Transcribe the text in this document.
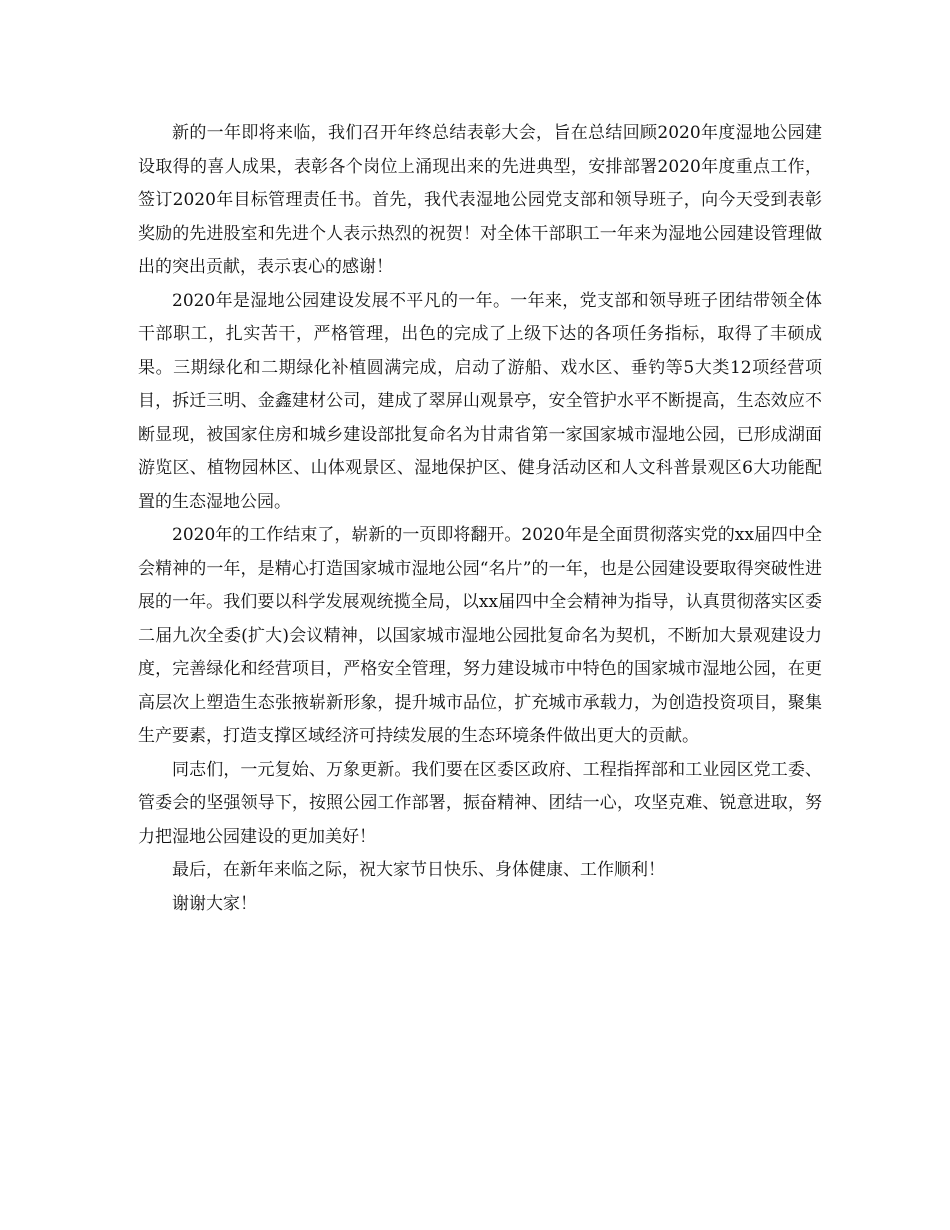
新的一年即将来临，我们召开年终总结表彰大会，旨在总结回顾2020年度湿地公园建设取得的喜人成果，表彰各个岗位上涌现出来的先进典型，安排部署2020年度重点工作，签订2020年目标管理责任书。首先，我代表湿地公园党支部和领导班子，向今天受到表彰奖励的先进股室和先进个人表示热烈的祝贺！对全体干部职工一年来为湿地公园建设管理做出的突出贡献，表示衷心的感谢！

2020年是湿地公园建设发展不平凡的一年。一年来，党支部和领导班子团结带领全体干部职工，扎实苦干，严格管理，出色的完成了上级下达的各项任务指标，取得了丰硕成果。三期绿化和二期绿化补植圆满完成，启动了游船、戏水区、垂钓等5大类12项经营项目，拆迁三明、金鑫建材公司，建成了翠屏山观景亭，安全管护水平不断提高，生态效应不断显现，被国家住房和城乡建设部批复命名为甘肃省第一家国家城市湿地公园，已形成湖面游览区、植物园林区、山体观景区、湿地保护区、健身活动区和人文科普景观区6大功能配置的生态湿地公园。

2020年的工作结束了，崭新的一页即将翻开。2020年是全面贯彻落实党的xx届四中全会精神的一年，是精心打造国家城市湿地公园“名片”的一年，也是公园建设要取得突破性进展的一年。我们要以科学发展观统揽全局，以xx届四中全会精神为指导，认真贯彻落实区委二届九次全委(扩大)会议精神，以国家城市湿地公园批复命名为契机，不断加大景观建设力度，完善绿化和经营项目，严格安全管理，努力建设城市中特色的国家城市湿地公园，在更高层次上塑造生态张掖崭新形象，提升城市品位，扩充城市承载力，为创造投资项目，聚集生产要素，打造支撑区域经济可持续发展的生态环境条件做出更大的贡献。

同志们，一元复始、万象更新。我们要在区委区政府、工程指挥部和工业园区党工委、管委会的坚强领导下，按照公园工作部署，振奋精神、团结一心，攻坚克难、锐意进取，努力把湿地公园建设的更加美好！

最后，在新年来临之际，祝大家节日快乐、身体健康、工作顺利！

谢谢大家！
